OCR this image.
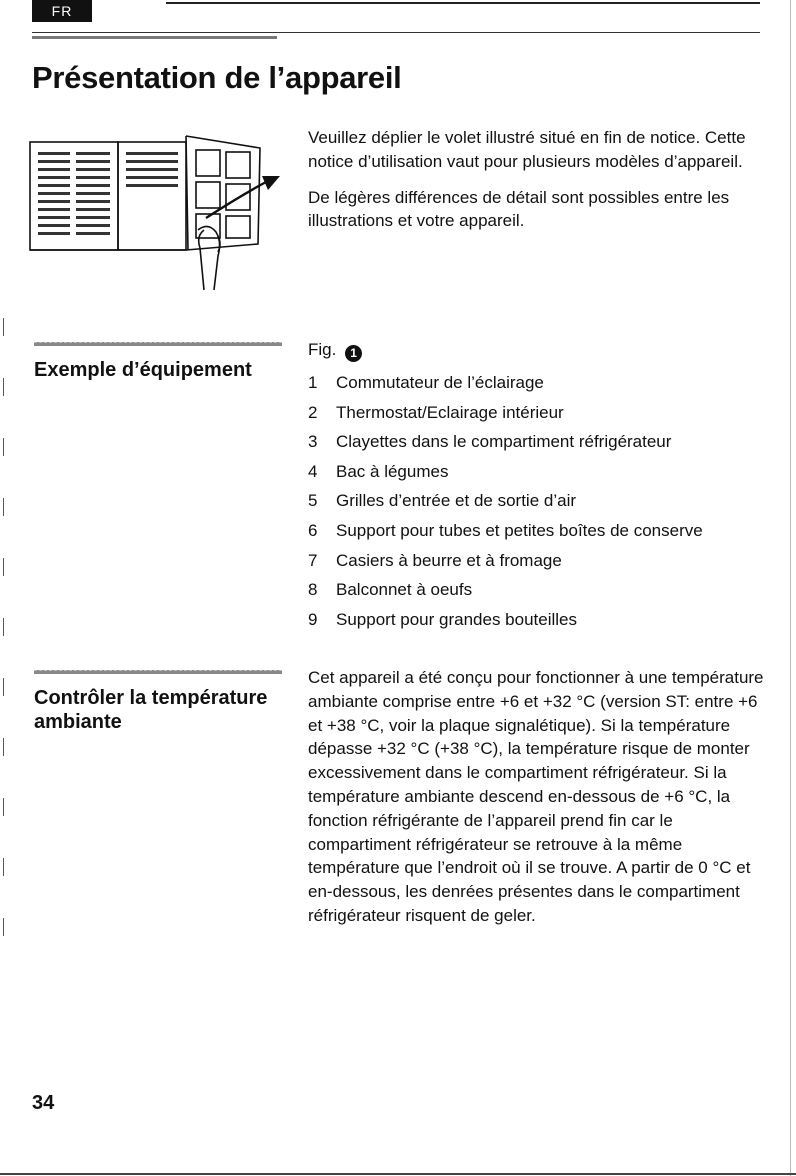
FR
Présentation de l’appareil

Veuillez déplier le volet illustré situé en fin de notice. Cette notice d’utilisation vaut pour plusieurs modèles d’appareil.

De légères différences de détail sont possibles entre les illustrations et votre appareil.

Exemple d’équipement
Fig. 1
1 Commutateur de l’éclairage
2 Thermostat/Eclairage intérieur
3 Clayettes dans le compartiment réfrigérateur
4 Bac à légumes
5 Grilles d’entrée et de sortie d’air
6 Support pour tubes et petites boîtes de conserve
7 Casiers à beurre et à fromage
8 Balconnet à oeufs
9 Support pour grandes bouteilles
Contrôler la température ambiante

Cet appareil a été conçu pour fonctionner à une température ambiante comprise entre +6 et +32 °C (version ST: entre +6 et +38 °C, voir la plaque signalétique). Si la température dépasse +32 °C (+38 °C), la température risque de monter excessivement dans le compartiment réfrigérateur. Si la température ambiante descend en-dessous de +6 °C, la fonction réfrigérante de l’appareil prend fin car le compartiment réfrigérateur se retrouve à la même température que l’endroit où il se trouve. A partir de 0 °C et en-dessous, les denrées présentes dans le compartiment réfrigérateur risquent de geler.

34
